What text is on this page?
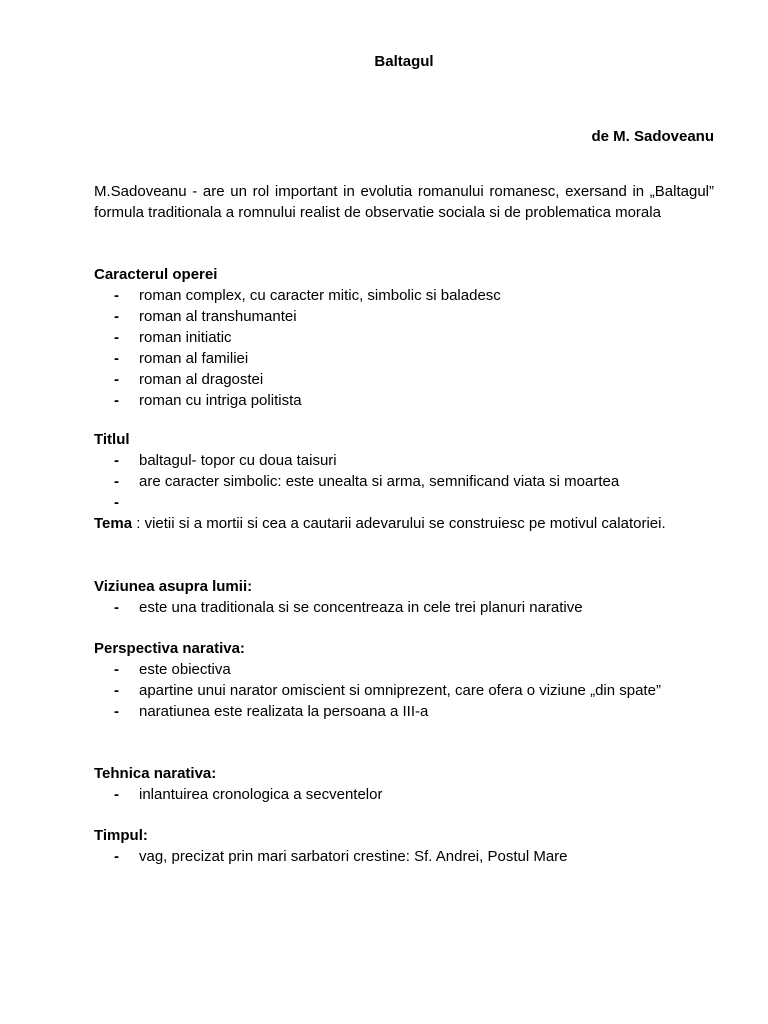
Baltagul
de M. Sadoveanu
M.Sadoveanu - are un rol important in evolutia romanului romanesc, exersand in „Baltagul” formula traditionala a romnului realist de observatie sociala si de problematica morala
Caracterul operei
- roman complex, cu caracter mitic, simbolic si baladesc
- roman al transhumantei
- roman initiatic
- roman al familiei
- roman al dragostei
- roman cu intriga politista
Titlul
- baltagul- topor cu doua taisuri
- are caracter simbolic: este unealta si arma, semnificand viata si moartea
-
Tema : vietii si a mortii si cea a cautarii adevarului se construiesc pe motivul calatoriei.
Viziunea asupra lumii:
- este una traditionala si se concentreaza in cele trei planuri narative
Perspectiva narativa:
- este obiectiva
- apartine unui narator omiscient si omniprezent, care ofera o viziune „din spate”
- naratiunea este realizata la persoana a III-a
Tehnica narativa:
- inlantuirea cronologica a secventelor
Timpul:
- vag, precizat prin mari sarbatori crestine: Sf. Andrei, Postul Mare
